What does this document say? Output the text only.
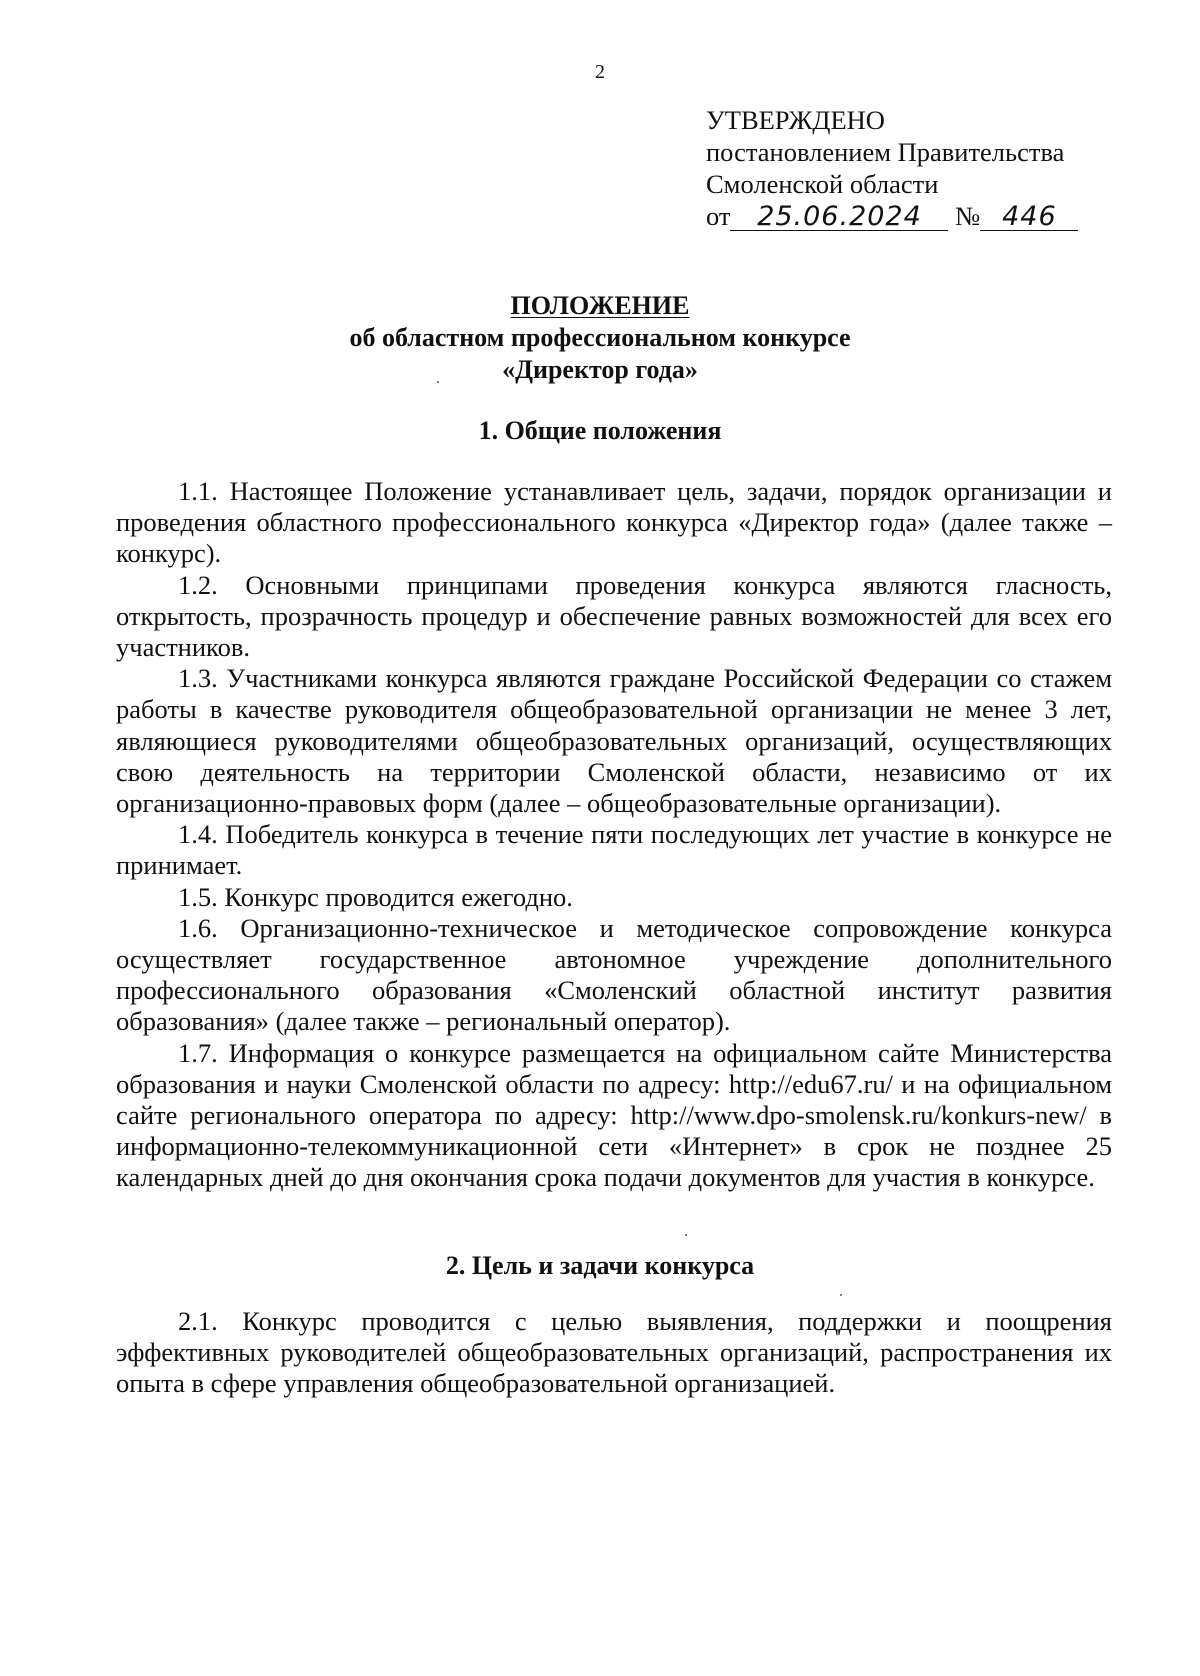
2
УТВЕРЖДЕНО
постановлением Правительства
Смоленской области
от 25.06.2024 № 446
ПОЛОЖЕНИЕ
об областном профессиональном конкурсе
«Директор года»
1. Общие положения

1.1. Настоящее Положение устанавливает цель, задачи, порядок организации и проведения областного профессионального конкурса «Директор года» (далее также – конкурс).

1.2. Основными принципами проведения конкурса являются гласность, открытость, прозрачность процедур и обеспечение равных возможностей для всех его участников.

1.3. Участниками конкурса являются граждане Российской Федерации со стажем работы в качестве руководителя общеобразовательной организации не менее 3 лет, являющиеся руководителями общеобразовательных организаций, осуществляющих свою деятельность на территории Смоленской области, независимо от их организационно-правовых форм (далее – общеобразовательные организации).

1.4. Победитель конкурса в течение пяти последующих лет участие в конкурсе не принимает.

1.5. Конкурс проводится ежегодно.

1.6. Организационно-техническое и методическое сопровождение конкурса осуществляет государственное автономное учреждение дополнительного профессионального образования «Смоленский областной институт развития образования» (далее также – региональный оператор).

1.7. Информация о конкурсе размещается на официальном сайте Министерства образования и науки Смоленской области по адресу: http://edu67.ru/ и на официальном сайте регионального оператора по адресу: http://www.dpo-smolensk.ru/konkurs-new/ в информационно-телекоммуникационной сети «Интернет» в срок не позднее 25 календарных дней до дня окончания срока подачи документов для участия в конкурсе.

2. Цель и задачи конкурса

2.1. Конкурс проводится с целью выявления, поддержки и поощрения эффективных руководителей общеобразовательных организаций, распространения их опыта в сфере управления общеобразовательной организацией.
